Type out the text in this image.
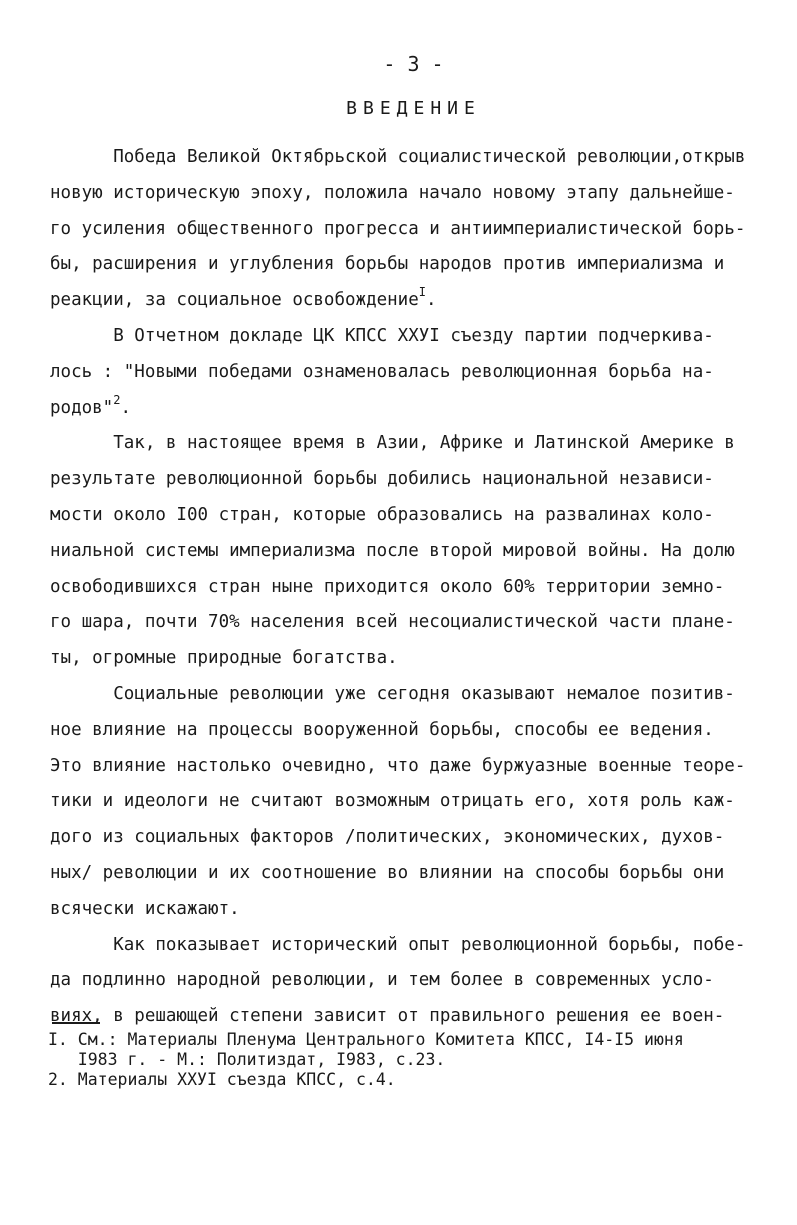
- 3 -
ВВЕДЕНИЕ
Победа Великой Октябрьской социалистической революции,открыв
новую историческую эпоху, положила начало новому этапу дальнейше-
го усиления общественного прогресса и антиимпериалистической борь-
бы, расширения и углубления борьбы народов против империализма и
реакции, за социальное освобождение$^I$.
В Отчетном докладе ЦК КПСС ХХУI съезду партии подчеркива-
лось : "Новыми победами ознаменовалась революционная борьба на-
родов"$^2$.
Так, в настоящее время в Азии, Африке и Латинской Америке в
результате революционной борьбы добились национальной независи-
мости около I00 стран, которые образовались на развалинах коло-
ниальной системы империализма после второй мировой войны. На долю
освободившихся стран ныне приходится около 60% территории земно-
го шара, почти 70% населения всей несоциалистической части плане-
ты, огромные природные богатства.
Социальные революции уже сегодня оказывают немалое позитив-
ное влияние на процессы вооруженной борьбы, способы ее ведения.
Это влияние настолько очевидно, что даже буржуазные военные теоре-
тики и идеологи не считают возможным отрицать его, хотя роль каж-
дого из социальных факторов /политических, экономических, духов-
ных/ революции и их соотношение во влиянии на способы борьбы они
всячески искажают.
Как показывает исторический опыт революционной борьбы, побе-
да подлинно народной революции, и тем более в современных усло-
виях, в решающей степени зависит от правильного решения ее воен-
I. См.: Материалы Пленума Центрального Комитета КПСС, I4-I5 июня
I983 г. - М.: Политиздат, I983, с.23.
2. Материалы ХХУI съезда КПСС, с.4.
